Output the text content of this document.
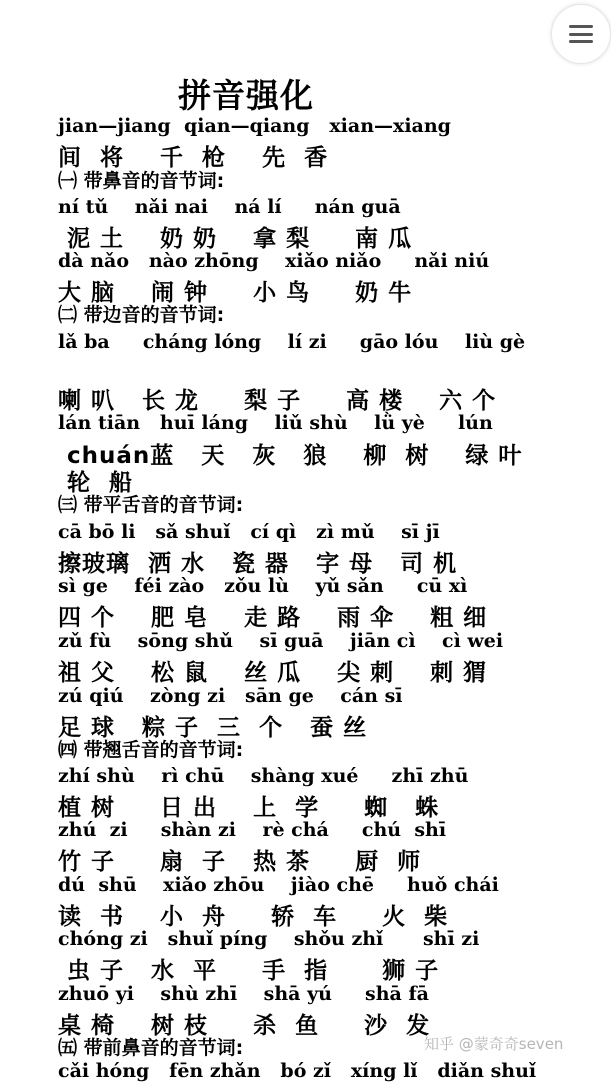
拼音强化
jian—jiang  qian—qiang   xian—xiang
间  将    千  枪    先  香
㈠ 带鼻音的音节词:
ní tǔ    nǎi nai    ná lí     nán guā
泥 土    奶 奶    拿 梨     南 瓜
dà nǎo   nào zhōng    xiǎo niǎo     nǎi niú
大 脑    闹 钟     小 鸟     奶 牛
㈡ 带边音的音节词:
lǎ ba     cháng lóng    lí zi     gāo lóu    liù gè
喇 叭   长 龙     梨 子     高 楼    六 个
lán tiān   huī láng    liǔ shù    lǜ yè     lún
chuán蓝   天   灰   狼    柳  树    绿 叶
轮  船
㈢ 带平舌音的音节词:
cā bō li   sǎ shuǐ   cí qì   zì mǔ    sī jī
擦玻璃  洒 水   瓷 器   字 母   司 机
sì ge    féi zào   zǒu lù    yǔ sǎn     cū xì
四 个    肥 皂    走 路    雨 伞    粗 细
zǔ fù    sōng shǔ    sī guā    jiān cì    cì wei
祖 父    松 鼠    丝 瓜    尖 刺    刺 猬
zú qiú    zòng zi   sān ge    cán sī
足 球   粽 子  三  个   蚕 丝
㈣ 带翘舌音的音节词:
zhí shù    rì chū    shàng xué     zhī zhū
植 树     日 出    上  学     蜘   蛛
zhú  zi     shàn zi    rè chá     chú  shī
竹 子     扇  子   热 茶     厨  师
dú  shū    xiǎo zhōu    jiào chē     huǒ chái
读  书    小  舟     轿  车     火  柴
chóng zi   shuǐ píng    shǒu zhǐ      shī zi
虫 子   水  平     手  指      狮 子
zhuō yi    shù zhī    shā yú     shā fā
桌 椅    树 枝     杀  鱼     沙  发
㈤ 带前鼻音的音节词:
cǎi hóng   fēn zhǎn   bó zǐ   xíng lǐ   diǎn shuǐ
知乎 @蒙奇奇seven
